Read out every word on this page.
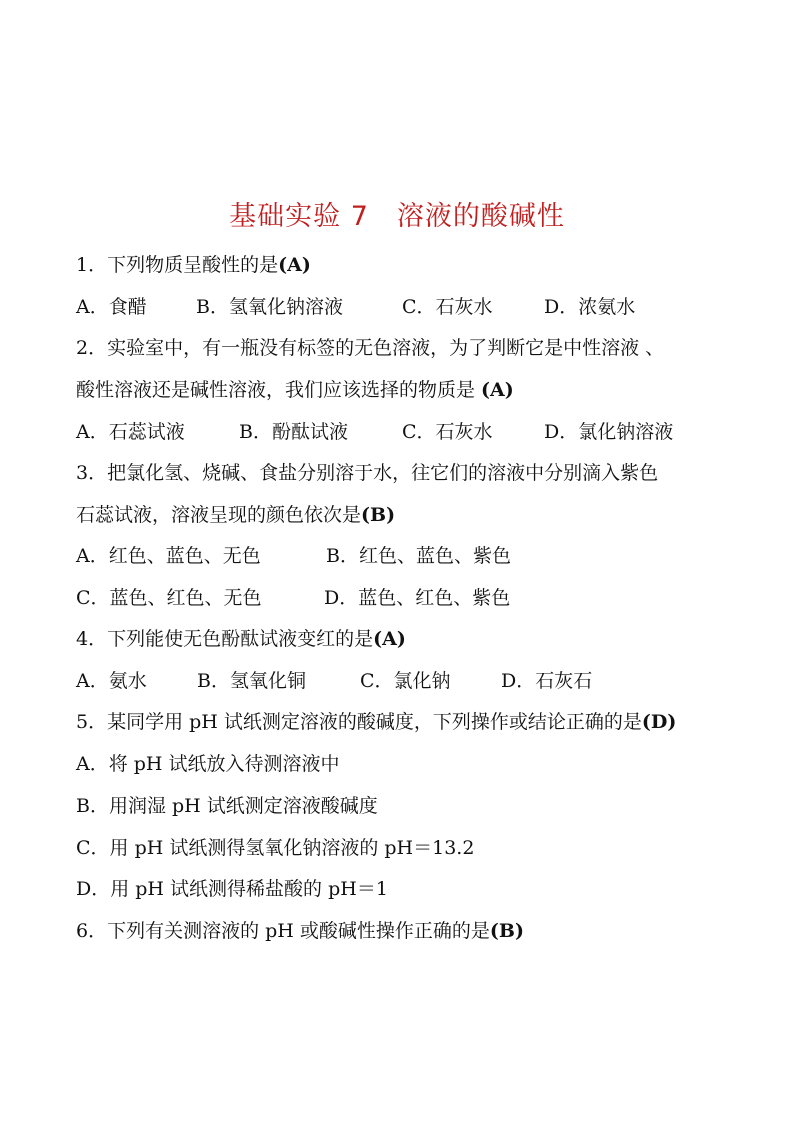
基础实验 7　溶液的酸碱性
1．下列物质呈酸性的是(A)
A．食醋	B．氢氧化钠溶液	C．石灰水	D．浓氨水
2．实验室中，有一瓶没有标签的无色溶液，为了判断它是中性溶液 、
酸性溶液还是碱性溶液，我们应该选择的物质是 (A)
A．石蕊试液	B．酚酞试液	C．石灰水	D．氯化钠溶液
3．把氯化氢、烧碱、食盐分别溶于水，往它们的溶液中分别滴入紫色
石蕊试液，溶液呈现的颜色依次是(B)
A．红色、蓝色、无色	B．红色、蓝色、紫色
C．蓝色、红色、无色	D．蓝色、红色、紫色
4．下列能使无色酚酞试液变红的是(A)
A．氨水	B．氢氧化铜	C．氯化钠	D．石灰石
5．某同学用 pH 试纸测定溶液的酸碱度，下列操作或结论正确的是(D)
A．将 pH 试纸放入待测溶液中
B．用润湿 pH 试纸测定溶液酸碱度
C．用 pH 试纸测得氢氧化钠溶液的 pH＝13.2
D．用 pH 试纸测得稀盐酸的 pH＝1
6．下列有关测溶液的 pH 或酸碱性操作正确的是(B)
